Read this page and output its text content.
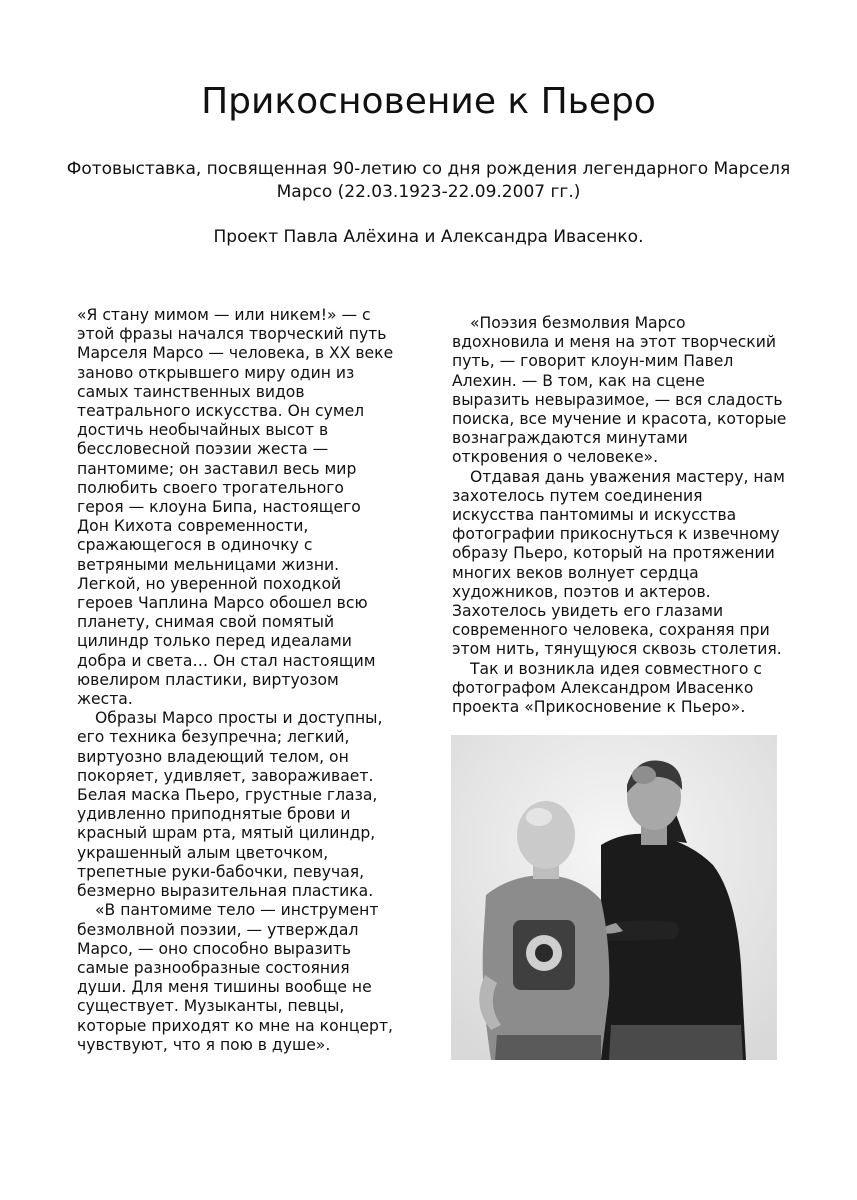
Прикосновение к Пьеро

Фотовыставка, посвященная 90-летию со дня рождения легендарного Марселя Марсо (22.03.1923-22.09.2007 гг.)

Проект Павла Алёхина и Александра Ивасенко.

«Я стану мимом — или никем!» — с этой фразы начался творческий путь Марселя Марсо — человека, в XX веке заново открывшего миру один из самых таинственных видов театрального искусства. Он сумел достичь необычайных высот в бессловесной поэзии жеста — пантомиме; он заставил весь мир полюбить своего трогательного героя — клоуна Бипа, настоящего Дон Кихота современности, сражающегося в одиночку с ветряными мельницами жизни. Легкой, но уверенной походкой героев Чаплина Марсо обошел всю планету, снимая свой помятый цилиндр только перед идеалами добра и света… Он стал настоящим ювелиром пластики, виртуозом жеста.

Образы Марсо просты и доступны, его техника безупречна; легкий, виртуозно владеющий телом, он покоряет, удивляет, завораживает. Белая маска Пьеро, грустные глаза, удивленно приподнятые брови и красный шрам рта, мятый цилиндр, украшенный алым цветочком, трепетные руки-бабочки, певучая, безмерно выразительная пластика.

«В пантомиме тело — инструмент безмолвной поэзии, — утверждал Марсо, — оно способно выразить самые разнообразные состояния души. Для меня тишины вообще не существует. Музыканты, певцы, которые приходят ко мне на концерт, чувствуют, что я пою в душе».

«Поэзия безмолвия Марсо вдохновила и меня на этот творческий путь, — говорит клоун-мим Павел Алехин. — В том, как на сцене выразить невыразимое, — вся сладость поиска, все мучение и красота, которые вознаграждаются минутами откровения о человеке».

Отдавая дань уважения мастеру, нам захотелось путем соединения искусства пантомимы и искусства фотографии прикоснуться к извечному образу Пьеро, который на протяжении многих веков волнует сердца художников, поэтов и актеров. Захотелось увидеть его глазами современного человека, сохраняя при этом нить, тянущуюся сквозь столетия.

Так и возникла идея совместного с фотографом Александром Ивасенко проекта «Прикосновение к Пьеро».
